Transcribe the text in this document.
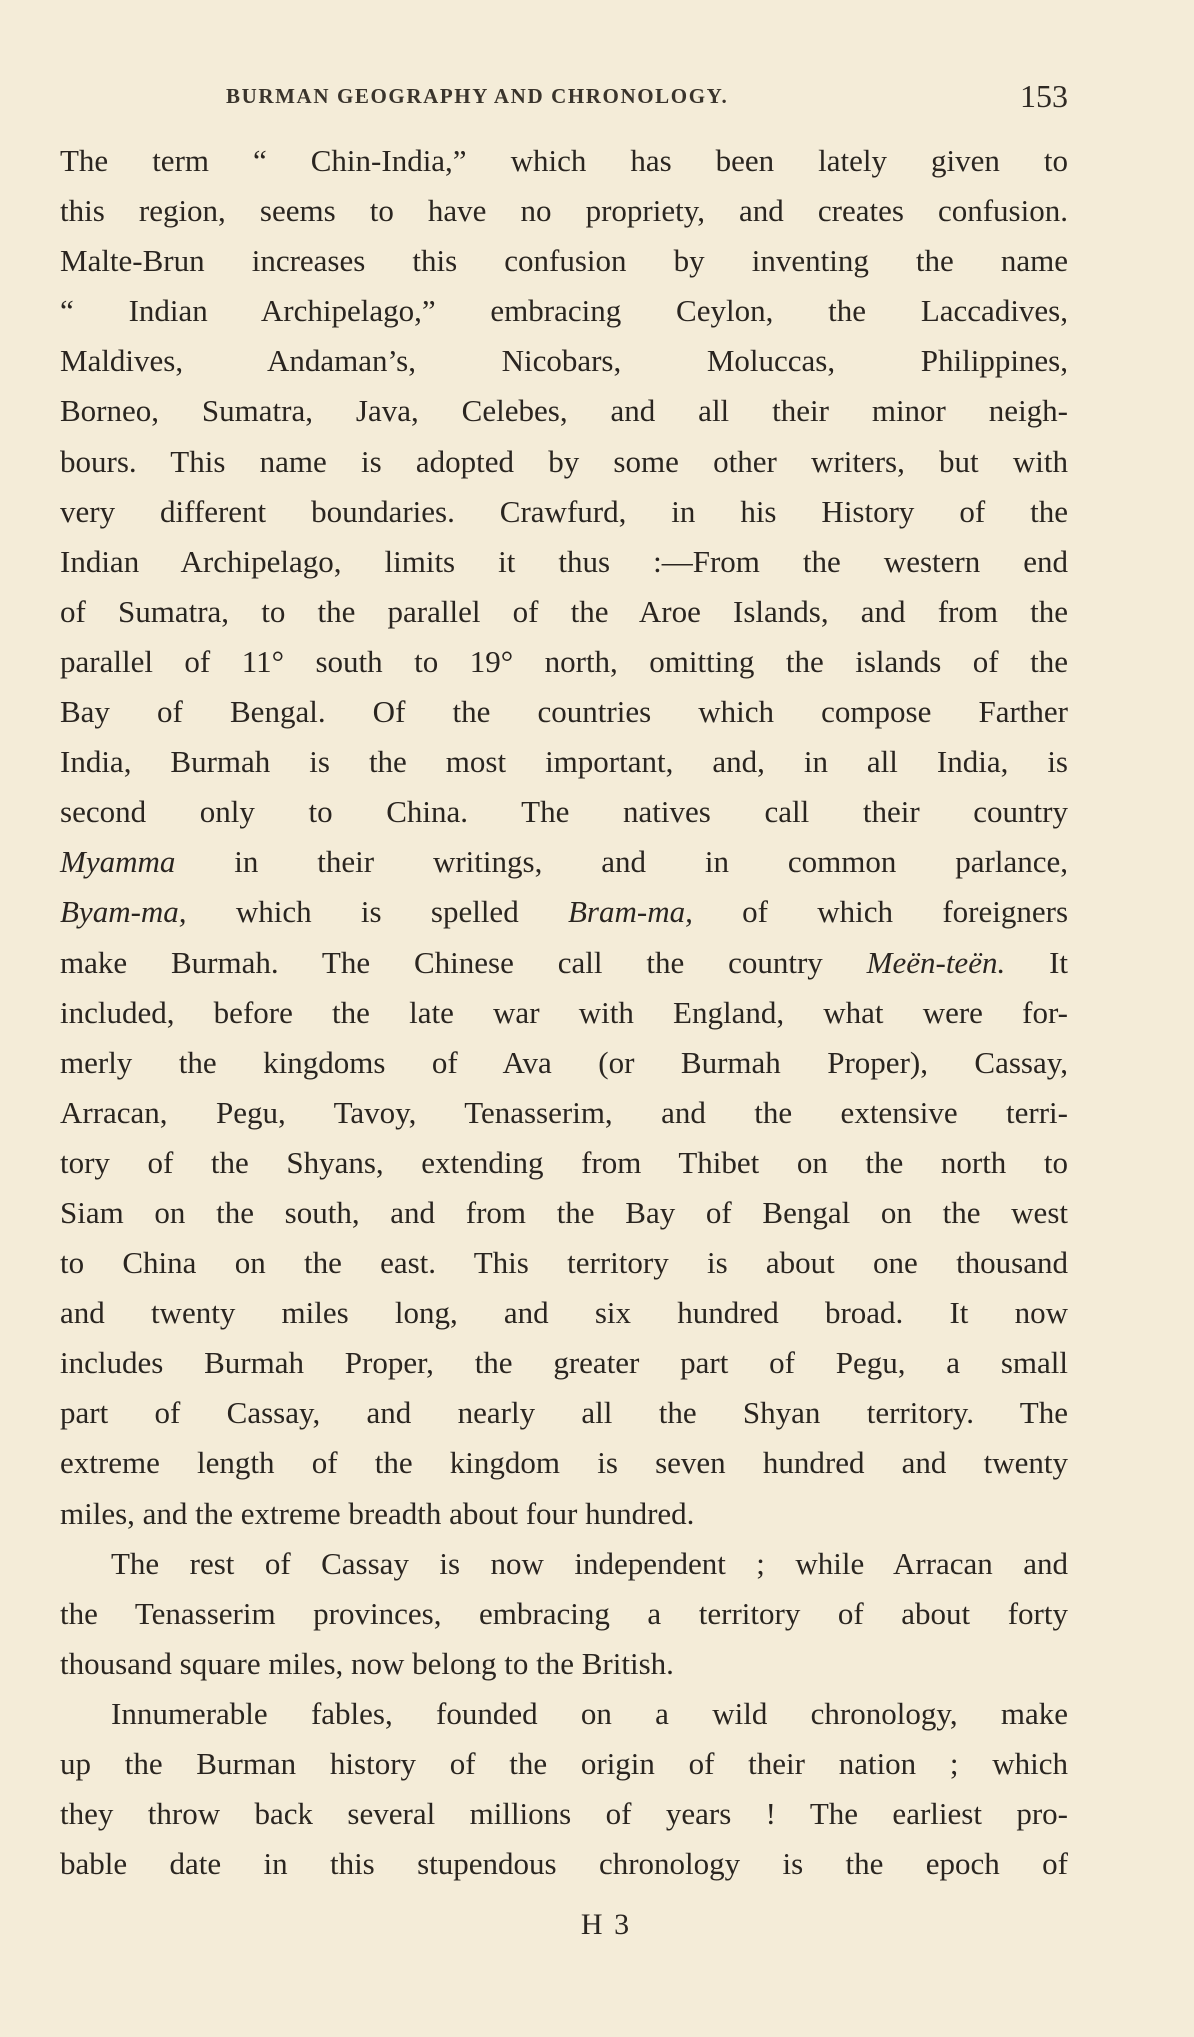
BURMAN GEOGRAPHY AND CHRONOLOGY.	153
The term “ Chin-India,” which has been lately given to
this region, seems to have no propriety, and creates confusion.
Malte-Brun increases this confusion by inventing the name
“ Indian Archipelago,” embracing Ceylon, the Laccadives,
Maldives, Andaman’s, Nicobars, Moluccas, Philippines,
Borneo, Sumatra, Java, Celebes, and all their minor neigh-
bours. This name is adopted by some other writers, but with
very different boundaries. Crawfurd, in his History of the
Indian Archipelago, limits it thus :—From the western end
of Sumatra, to the parallel of the Aroe Islands, and from the
parallel of 11° south to 19° north, omitting the islands of the
Bay of Bengal. Of the countries which compose Farther
India, Burmah is the most important, and, in all India, is
second only to China. The natives call their country
Myamma in their writings, and in common parlance,
Byam-ma, which is spelled Bram-ma, of which foreigners
make Burmah. The Chinese call the country Meën-teën. It
included, before the late war with England, what were for-
merly the kingdoms of Ava (or Burmah Proper), Cassay,
Arracan, Pegu, Tavoy, Tenasserim, and the extensive terri-
tory of the Shyans, extending from Thibet on the north to
Siam on the south, and from the Bay of Bengal on the west
to China on the east. This territory is about one thousand
and twenty miles long, and six hundred broad. It now
includes Burmah Proper, the greater part of Pegu, a small
part of Cassay, and nearly all the Shyan territory. The
extreme length of the kingdom is seven hundred and twenty
miles, and the extreme breadth about four hundred.
The rest of Cassay is now independent ; while Arracan and
the Tenasserim provinces, embracing a territory of about forty
thousand square miles, now belong to the British.
Innumerable fables, founded on a wild chronology, make
up the Burman history of the origin of their nation ; which
they throw back several millions of years ! The earliest pro-
bable date in this stupendous chronology is the epoch of
H 3
